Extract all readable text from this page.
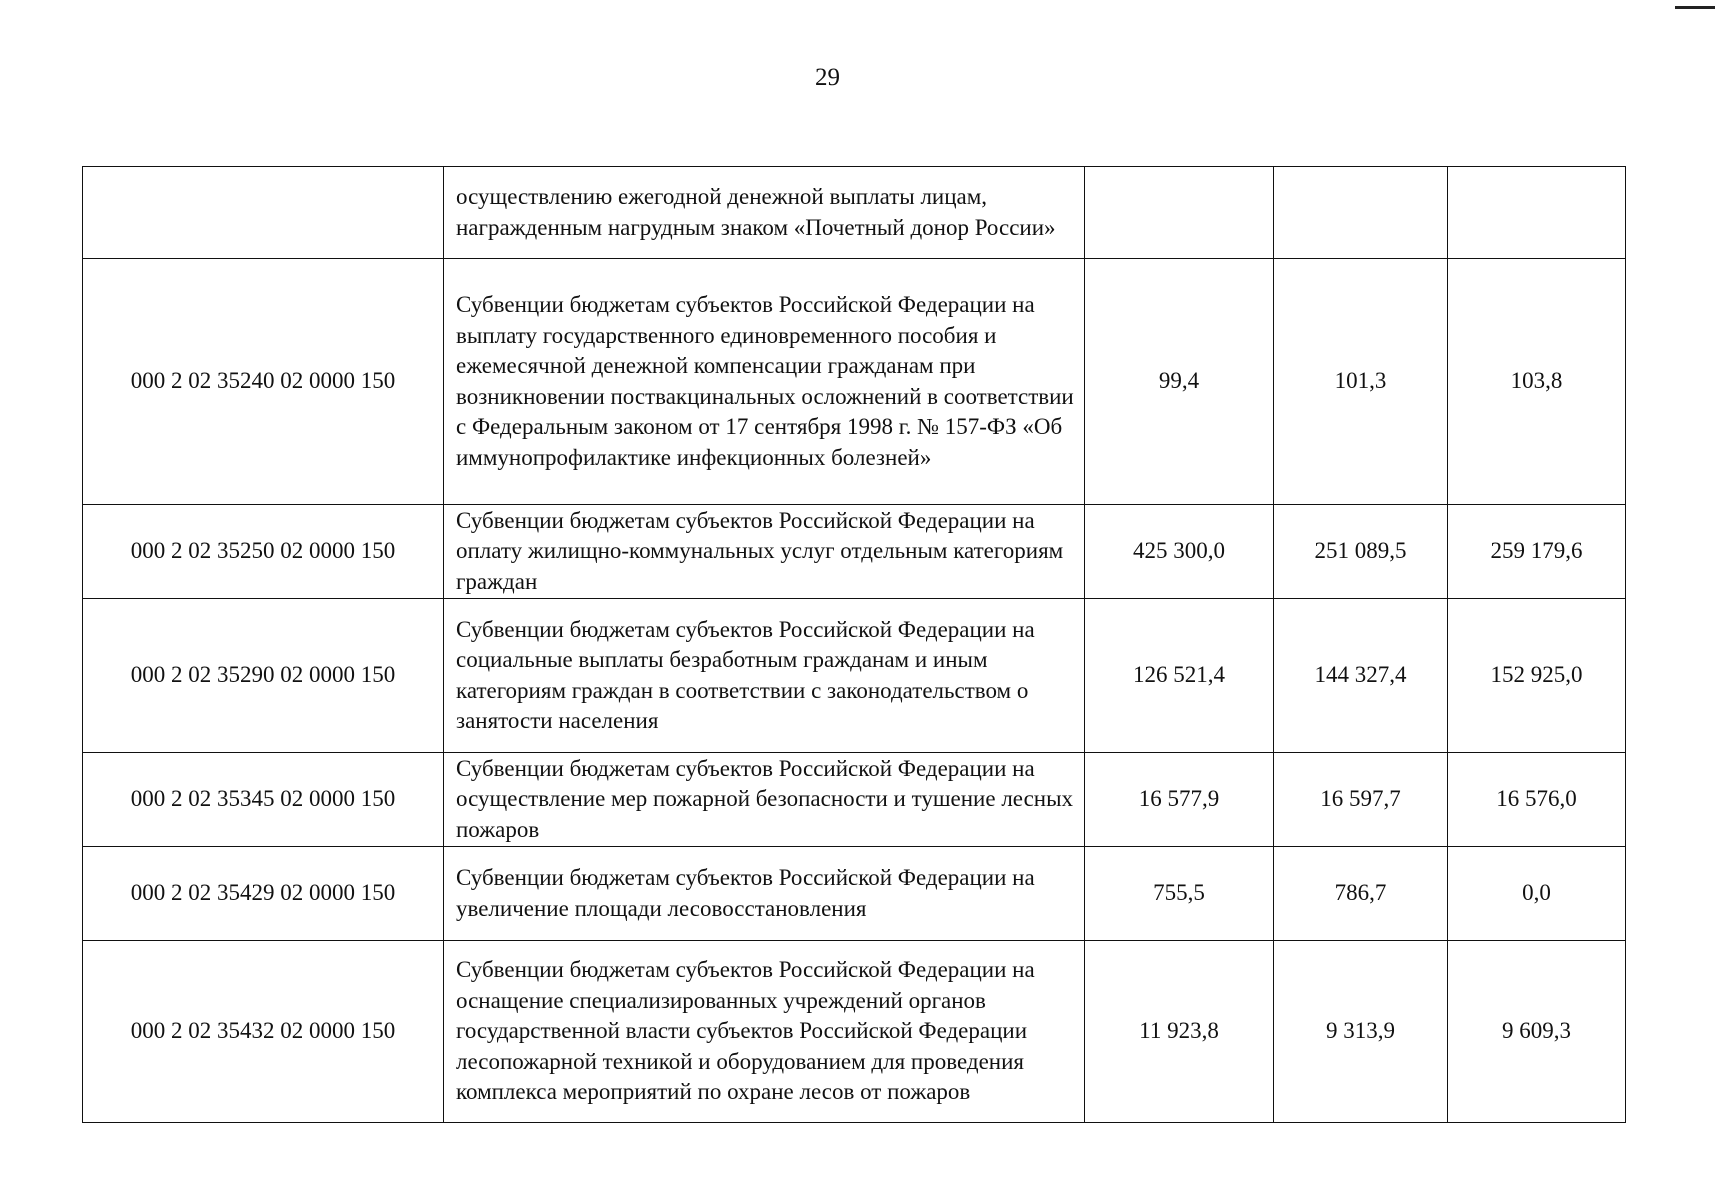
29
	осуществлению ежегодной денежной выплаты лицам, награжденным нагрудным знаком «Почетный донор России»			
000 2 02 35240 02 0000 150	Субвенции бюджетам субъектов Российской Федерации на выплату государственного единовременного пособия и ежемесячной денежной компенсации гражданам при возникновении поствакцинальных осложнений в соответствии с Федеральным законом от 17 сентября 1998 г. № 157-ФЗ «Об иммунопрофилактике инфекционных болезней»	99,4	101,3	103,8
000 2 02 35250 02 0000 150	Субвенции бюджетам субъектов Российской Федерации на оплату жилищно-коммунальных услуг отдельным категориям граждан	425 300,0	251 089,5	259 179,6
000 2 02 35290 02 0000 150	Субвенции бюджетам субъектов Российской Федерации на социальные выплаты безработным гражданам и иным категориям граждан в соответствии с законодательством о занятости населения	126 521,4	144 327,4	152 925,0
000 2 02 35345 02 0000 150	Субвенции бюджетам субъектов Российской Федерации на осуществление мер пожарной безопасности и тушение лесных пожаров	16 577,9	16 597,7	16 576,0
000 2 02 35429 02 0000 150	Субвенции бюджетам субъектов Российской Федерации на увеличение площади лесовосстановления	755,5	786,7	0,0
000 2 02 35432 02 0000 150	Субвенции бюджетам субъектов Российской Федерации на оснащение специализированных учреждений органов государственной власти субъектов Российской Федерации лесопожарной техникой и оборудованием для проведения комплекса мероприятий по охране лесов от пожаров	11 923,8	9 313,9	9 609,3
